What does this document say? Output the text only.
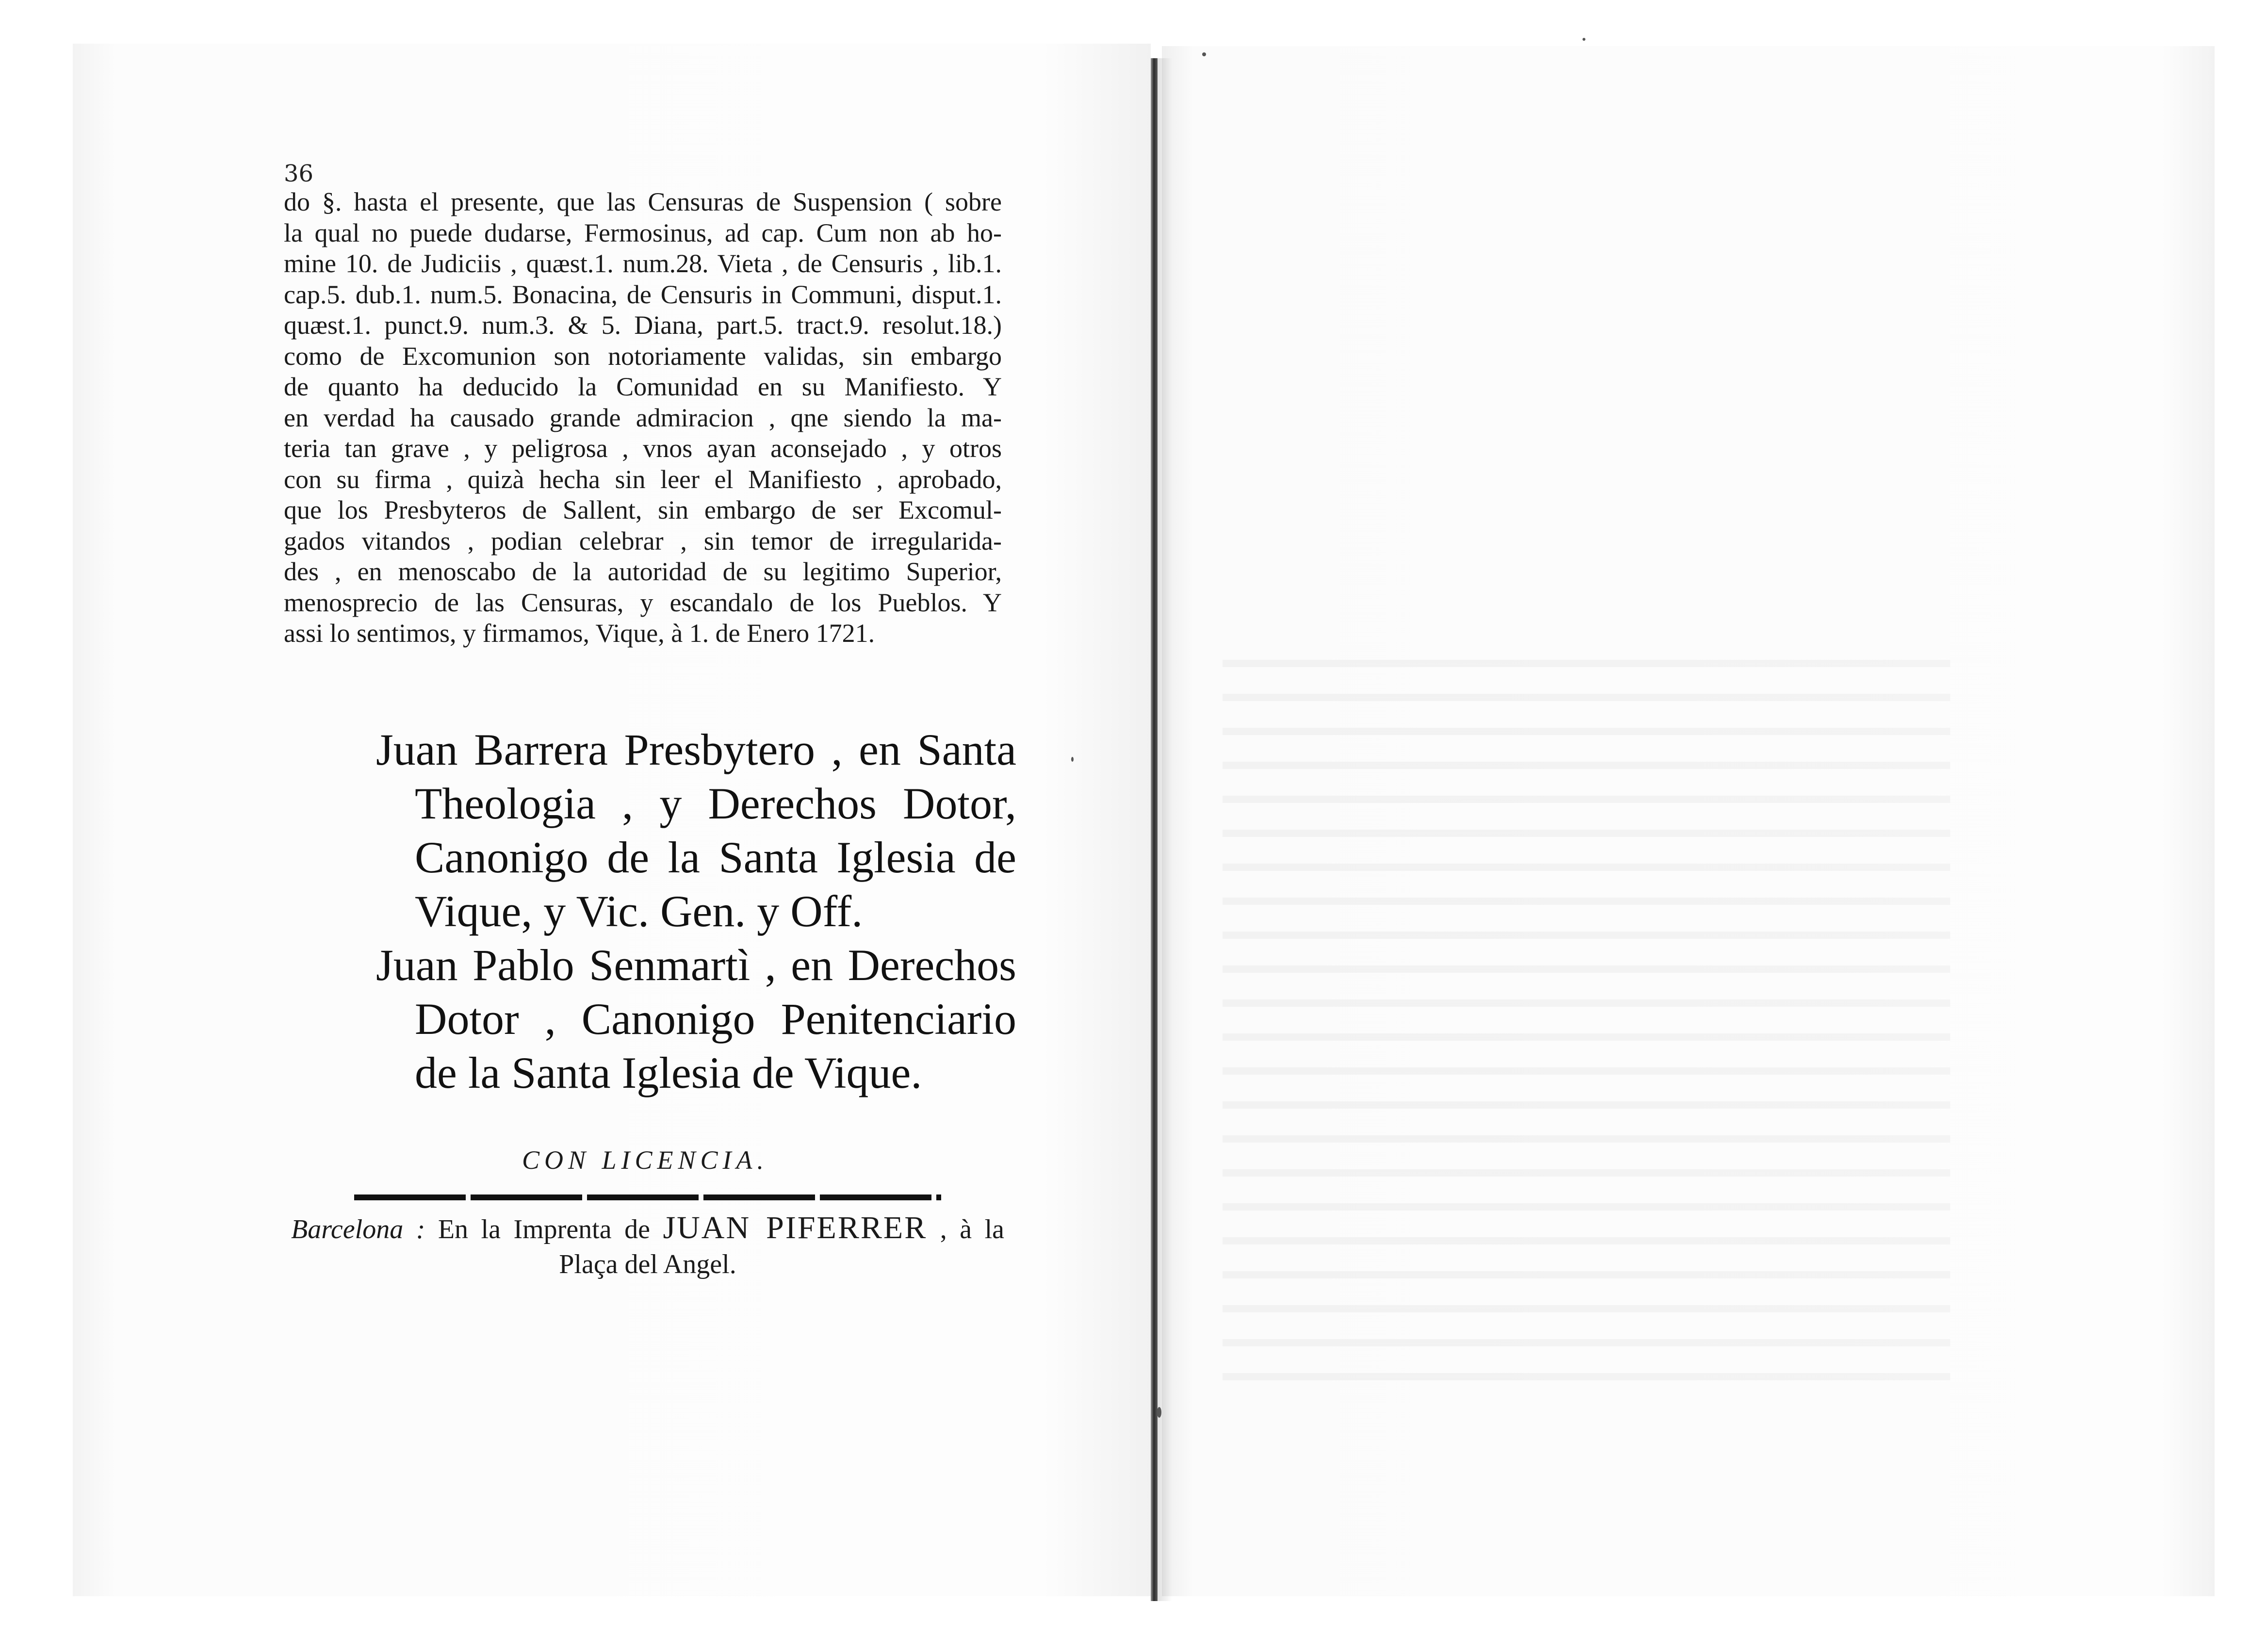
36
do §. hasta el presente, que las Censuras de Suspension ( sobre
la qual no puede dudarse, Fermosinus, ad cap. Cum non ab ho-
mine 10. de Judiciis , quæst.1. num.28. Vieta , de Censuris , lib.1.
cap.5. dub.1. num.5. Bonacina, de Censuris in Communi, disput.1.
quæst.1. punct.9. num.3. & 5. Diana, part.5. tract.9. resolut.18.)
como de Excomunion son notoriamente validas, sin embargo
de quanto ha deducido la Comunidad en su Manifiesto. Y
en verdad ha causado grande admiracion , qne siendo la ma-
teria tan grave , y peligrosa , vnos ayan aconsejado , y otros
con su firma , quizà hecha sin leer el Manifiesto , aprobado,
que los Presbyteros de Sallent, sin embargo de ser Excomul-
gados vitandos , podian celebrar , sin temor de irregularida-
des , en menoscabo de la autoridad de su legitimo Superior,
menosprecio de las Censuras, y escandalo de los Pueblos. Y
assi lo sentimos, y firmamos, Vique, à 1. de Enero 1721.
Juan Barrera Presbytero , en Santa
Theologia , y Derechos Dotor,
Canonigo de la Santa Iglesia de
Vique, y Vic. Gen. y Off.
Juan Pablo Senmartì , en Derechos
Dotor , Canonigo Penitenciario
de la Santa Iglesia de Vique.
CON LICENCIA.
Barcelona : En la Imprenta de JUAN PIFERRER , à la
Plaça del Angel.
